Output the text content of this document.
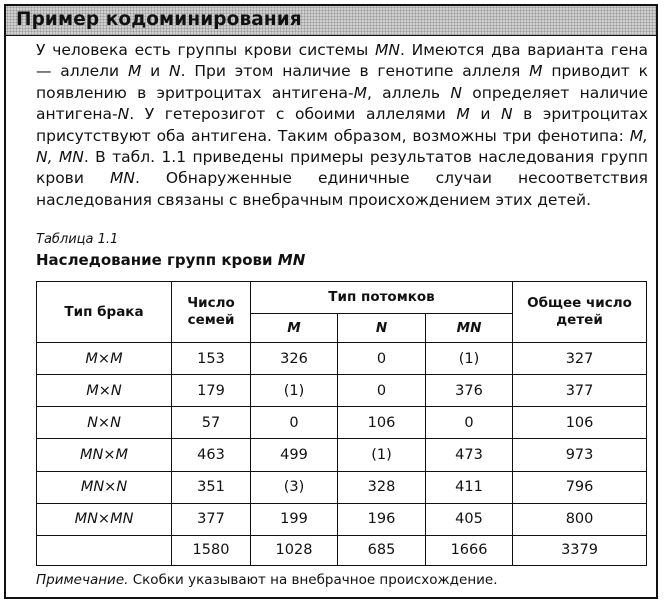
Пример кодоминирования

У человека есть группы крови системы MN. Имеются два варианта гена — аллели M и N. При этом наличие в генотипе аллеля M приводит к появлению в эритроцитах антигена-M, аллель N определяет наличие антигена-N. У гетерозигот с обоими аллелями M и N в эритроцитах присутствуют оба антигена. Таким образом, возможны три фенотипа: M, N, MN. В табл. 1.1 приведены примеры результатов наследования групп крови MN. Обнаруженные единичные случаи несоответствия наследования связаны с внебрачным происхождением этих детей.

Таблица 1.1
Наследование групп крови MN
Тип брака	Число семей	Тип потомков			Общее число детей
		M	N	MN	
M×M	153	326	0	(1)	327
M×N	179	(1)	0	376	377
N×N	57	0	106	0	106
MN×M	463	499	(1)	473	973
MN×N	351	(3)	328	411	796
MN×MN	377	199	196	405	800
	1580	1028	685	1666	3379
Примечание. Скобки указывают на внебрачное происхождение.
